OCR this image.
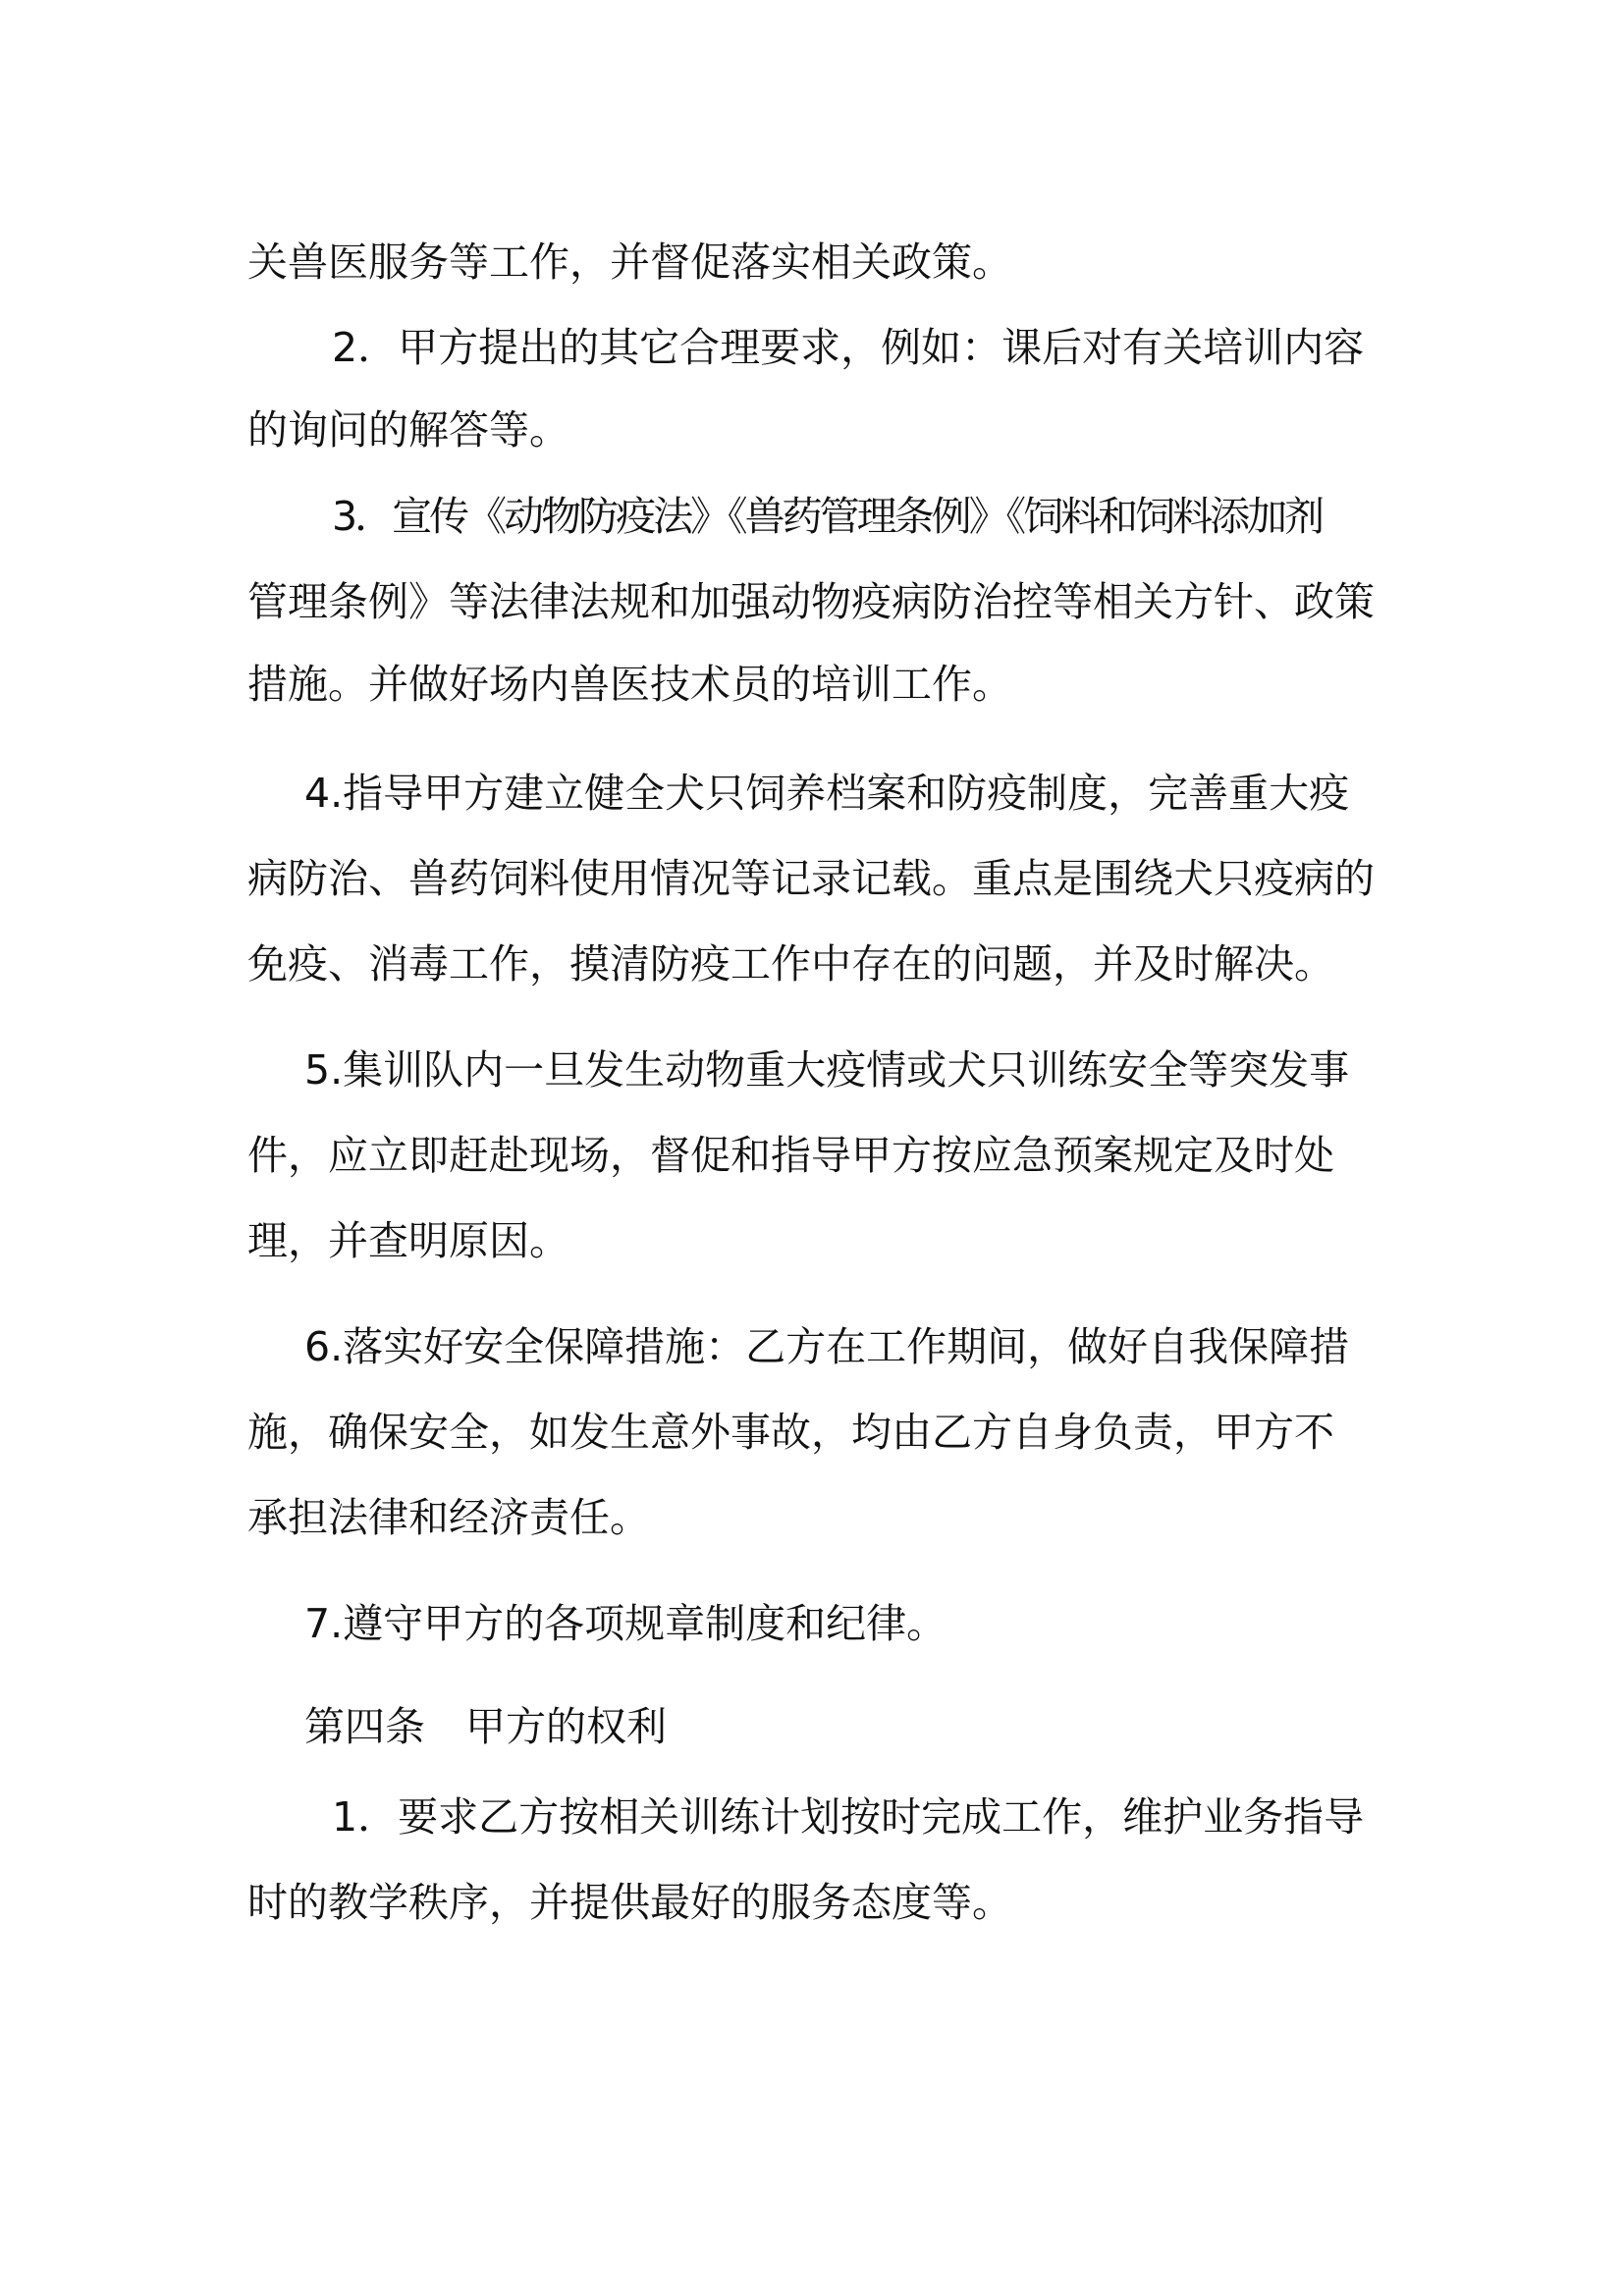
关兽医服务等工作，并督促落实相关政策。
2．甲方提出的其它合理要求，例如：课后对有关培训内容
的询问的解答等。
3．宣传《动物防疫法》《兽药管理条例》《饲料和饲料添加剂
管理条例》等法律法规和加强动物疫病防治控等相关方针、政策
措施。并做好场内兽医技术员的培训工作。
4.指导甲方建立健全犬只饲养档案和防疫制度，完善重大疫
病防治、兽药饲料使用情况等记录记载。重点是围绕犬只疫病的
免疫、消毒工作，摸清防疫工作中存在的问题，并及时解决。
5.集训队内一旦发生动物重大疫情或犬只训练安全等突发事
件，应立即赶赴现场，督促和指导甲方按应急预案规定及时处
理，并查明原因。
6.落实好安全保障措施：乙方在工作期间，做好自我保障措
施，确保安全，如发生意外事故，均由乙方自身负责，甲方不
承担法律和经济责任。
7.遵守甲方的各项规章制度和纪律。
第四条　甲方的权利
1．要求乙方按相关训练计划按时完成工作，维护业务指导
时的教学秩序，并提供最好的服务态度等。
